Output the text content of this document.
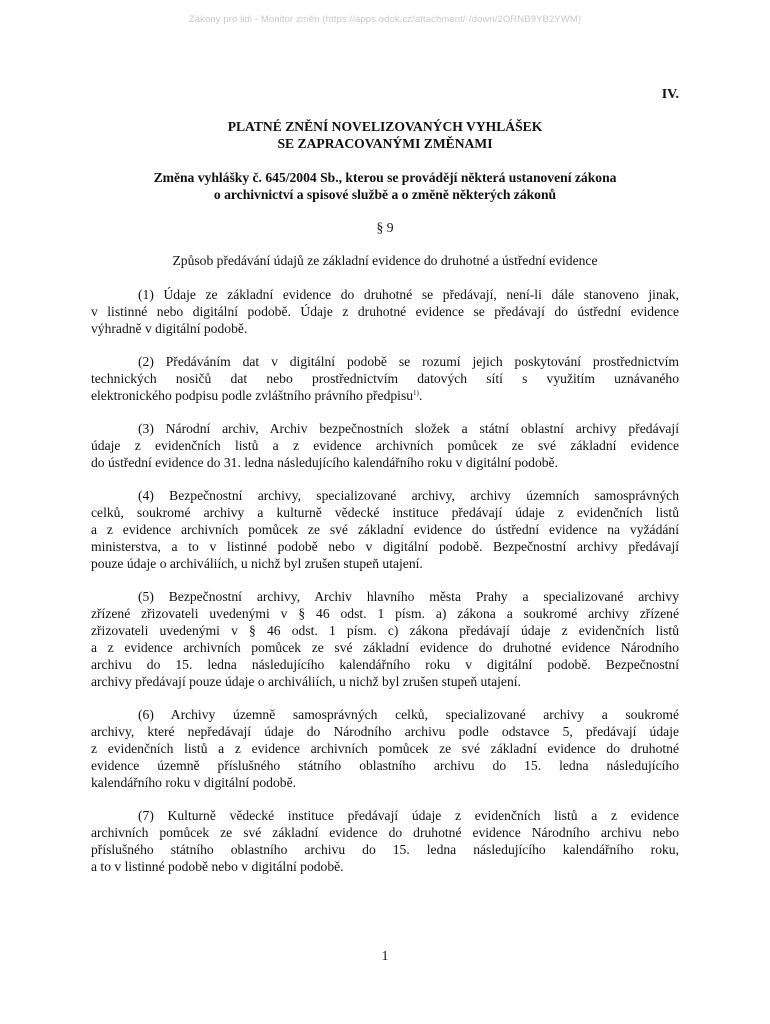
Zákony pro lidi - Monitor změn (https://apps.odok.cz/attachment/-/down/2ORNB9YB2YWM)
IV.
PLATNÉ ZNĚNÍ NOVELIZOVANÝCH VYHLÁŠEK
SE ZAPRACOVANÝMI ZMĚNAMI
Změna vyhlášky č. 645/2004 Sb., kterou se provádějí některá ustanovení zákona
o archivnictví a spisové službě a o změně některých zákonů
§ 9
Způsob předávání údajů ze základní evidence do druhotné a ústřední evidence

(1) Údaje ze základní evidence do druhotné se předávají, není-li dále stanoveno jinak,
v listinné nebo digitální podobě. Údaje z druhotné evidence se předávají do ústřední evidence
výhradně v digitální podobě.

(2) Předáváním dat v digitální podobě se rozumí jejich poskytování prostřednictvím
technických nosičů dat nebo prostřednictvím datových sítí s využitím uznávaného
elektronického podpisu podle zvláštního právního předpisu$^{1)}$.

(3) Národní archiv, Archiv bezpečnostních složek a státní oblastní archivy předávají
údaje z evidenčních listů a z evidence archivních pomůcek ze své základní evidence
do ústřední evidence do 31. ledna následujícího kalendářního roku v digitální podobě.

(4) Bezpečnostní archivy, specializované archivy, archivy územních samosprávných
celků, soukromé archivy a kulturně vědecké instituce předávají údaje z evidenčních listů
a z evidence archivních pomůcek ze své základní evidence do ústřední evidence na vyžádání
ministerstva, a to v listinné podobě nebo v digitální podobě. Bezpečnostní archivy předávají
pouze údaje o archiváliích, u nichž byl zrušen stupeň utajení.

(5) Bezpečnostní archivy, Archiv hlavního města Prahy a specializované archivy
zřízené zřizovateli uvedenými v § 46 odst. 1 písm. a) zákona a soukromé archivy zřízené
zřizovateli uvedenými v § 46 odst. 1 písm. c) zákona předávají údaje z evidenčních listů
a z evidence archivních pomůcek ze své základní evidence do druhotné evidence Národního
archivu do 15. ledna následujícího kalendářního roku v digitální podobě. Bezpečnostní
archivy předávají pouze údaje o archiváliích, u nichž byl zrušen stupeň utajení.

(6) Archivy územně samosprávných celků, specializované archivy a soukromé
archivy, které nepředávají údaje do Národního archivu podle odstavce 5, předávají údaje
z evidenčních listů a z evidence archivních pomůcek ze své základní evidence do druhotné
evidence územně příslušného státního oblastního archivu do 15. ledna následujícího
kalendářního roku v digitální podobě.

(7) Kulturně vědecké instituce předávají údaje z evidenčních listů a z evidence
archivních pomůcek ze své základní evidence do druhotné evidence Národního archivu nebo
příslušného státního oblastního archivu do 15. ledna následujícího kalendářního roku,
a to v listinné podobě nebo v digitální podobě.

1
